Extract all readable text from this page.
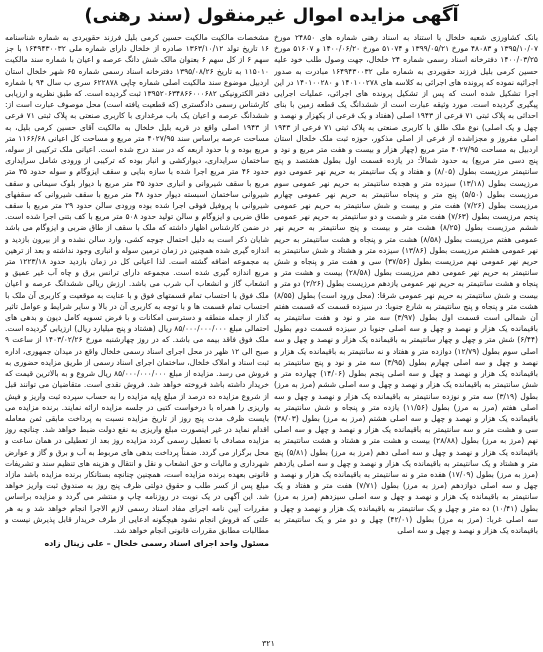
آگهی مزایده اموال غیرمنقول (سند رهنی)

بانک کشاورزی شعبه خلخال با استناد به اسناد رهنی شماره های ۲۴۸۵۰ مورخ ۱۳۹۵/۱۰/۰۷ و ۴۸۰۸۳ مورخ ۱۳۹۹/۰۵/۲۱ و ۵۱۰۷۴ مورخ ۱۴۰۰/۰۶/۲۰ و ۵۱۶۰۷ مورخ ۱۴۰۰/۰۳/۲۵ دفترخانه اسناد رسمی شماره ۲۴ خلخال، جهت وصول طلب خود علیه حسین کرمی بلیل فرزند حقویردی به شماره ملی ۱۶۴۹۴۳۰۰۳۲ مبادرت به صدور اجرائیه نموده که پرونده های اجرائی به کلاسه های ۱۴۰۱۰۰۲۷۸ و ۱۴۰۱۰۰۲۸۰ در این اجرا تشکیل شده است که پس از تشکیل پرونده های اجرائی، عملیات اجرایی پیگیری گردیده است. مورد وثیقه عبارت است از ششدانگ یک قطعه زمین با بنای احداثی به پلاک ثبتی ۷۱ فرعی از ۱۹۴۳ اصلی (هفتاد و یک فرعی از یکهزار و نهصد و چهل و یک اصلی) نوع ملک طلق با کاربری صنعتی به پلاک ثبتی ۷۱ فرعی از ۱۹۴۳ اصلی مفروز و مجزاشده از فرعی از اصلی مذکور، حوزه ثبت ملک خلخال استان اردبیل به مساحت ۴۰۲۷/۹۵ متر مربع (چهار هزار و بیست و هفت متر مربع و نود و پنج دسی متر مربع) به حدود شمالاً: در یازده قسمت اول بطول هشتصد و پنج سانتیمتر مرزیست بطول (۸/۰۵) و هفتاد و یک سانتیمتر به حریم نهر عمومی دوم مرزیست بطول (۱۳/۱۸) سیزده متر و هجده سانتیمتر به حریم نهر عمومی سوم مرزیست بطول (۵/۵۰) پنج متر و پنجاه سانتیمتر به حریم نهر عمومی چهارم مرزیست بطول (۷/۲۶) هفت متر و بیست و شش سانتیمتر به حریم نهر عمومی پنجم مرزیست بطول (۷/۶۳) هفت متر و شصت و دو سانتیمتر به حریم نهر عمومی ششم مرزیست بطول (۸/۲۵) هشت متر و بیست و پنج سانتیمتر به حریم نهر عمومی هفتم مرزیست بطول (۸/۵۸) هشت متر و پنجاه و هشت سانتیمتر به حریم نهر عمومی هشتم مرزیست بطول (۱۳/۸۶) سیزده متر و هشتاد و شش سانتیمتر به حریم نهر عمومی نهم مرزیست بطول (۳۷/۵۶) سی و هفت متر و پنجاه و شش سانتیمتر به حریم نهر عمومی دهم مرزیست بطول (۲۸/۵۸) بیست و هشت متر و پنجاه و هشت سانتیمتر به حریم نهر عمومی یازدهم مرزیست بطول (۲/۲۶) دو متر و بیست و شش سانتیمتر به حریم نهر عمومی شرقا: (محل ورود است) بطول (۸/۵۵) هشت متر و پنجاه و پنج سانتیمتر به شارع جنوبا: در سیزده قسمت که قسمت هفتم آن شمالی است قسمت اول بطول (۳/۹۷) سه متر و نود و هفت سانتیمتر به باقیمانده یک هزار و نهصد و چهل و سه اصلی جنوبا در سیزده قسمت دوم بطول (۶/۴۴) شش متر و چهل و چهار سانتیمتر به باقیمانده یک هزار و نهصد و چهل و سه اصلی سوم بطول (۱۲/۷۹) دوازده متر و هفتاد و نه سانتیمتر به باقیمانده یک هزار و نهصد و چهل و سه اصلی چهارم بطول (۳/۹۵) سه متر و نود و پنج سانتیمتر به باقیمانده یک هزار و نهصد و چهل و سه اصلی پنجم بطول (۱۴/۰۶) چهارده متر و شش سانتیمتر به باقیمانده یک هزار و نهصد و چهل و سه اصلی ششم (مرز به مرز) بطول (۳/۱۹) سه متر و نوزده سانتیمتر به باقیمانده یک هزار و نهصد و چهل و سه اصلی هفتم (مرز به مرز) بطول (۱۱/۵۶) یازده متر و پنجاه و شش سانتیمتر به باقیمانده یک هزار و نهصد و چهل و سه اصلی هشتم (مرز به مرز) بطول (۳۸/۰۳) سی و هشت متر و سه سانتیمتر به باقیمانده یک هزار و نهصد و چهل و سه اصلی نهم (مرز به مرز) بطول (۲۸/۸۸) بیست و هشت متر و هشتاد و هشت سانتیمتر به باقیمانده یک هزار و نهصد و چهل و سه اصلی دهم (مرز به مرز) بطول (۵/۸۱) پنج متر و هشتاد و یک سانتیمتر به باقیمانده یک هزار و نهصد و چهل و سه اصلی یازدهم (مرز به مرز) بطول (۱۷/۰۹) هفده متر و نه سانتیمتر به باقیمانده یک هزار و نهصد و چهل و سه اصلی دوازدهم (مرز به مرز) بطول (۷/۷۱) هفت متر و هفتاد و یک سانتیمتر به باقیمانده یک هزار و نهصد و چهل و سه اصلی سیزدهم (مرز به مرز) بطول (۱۰/۴۱) ده متر و چهل و یک سانتیمتر به باقیمانده یک هزار و نهصد و چهل و سه اصلی غربا: (مرز به مرز) بطول (۴۲/۰۱) چهل و دو متر و یک سانتیمتر به باقیمانده یک هزار و نهصد و چهل و سه اصلی

مشخصات مالکیت مالکیت حسین کرمی بلیل فرزند حقویردی به شماره شناسنامه ۱۶ تاریخ تولد ۱۳۶۳/۱۰/۱۲ صادره از خلخال دارای شماره ملی ۱۶۴۹۴۳۰۰۳۲ با جز سهم ۶ از کل سهم ۶ بعنوان مالک شش دانگ عرصه و اعیان با شماره سند مالکیت ۱۱۵۰۱۰ به تاریخ ۱۳۹۵/۰۸/۲۶ دفترخانه اسناد رسمی شماره ۶۵ شهر خلخال استان اردبیل موضوع سند مالکیت اصلی شماره چاپی ۶۲۲۸۷۸ سری ب سال ۹۴ با شماره دفتر الکترونیکی ۱۳۹۵۲۰۶۳۴۸۶۶۰۰۰۶۸۲ ثبت گردیده است. که طبق نظریه و ارزیابی کارشناس رسمی دادگستری (که قطعیت یافته است) محل موصوف عبارت است از: ششدانگ عرصه و اعیان یک باب مرغداری با کاربری صنعتی به پلاک ثبتی ۷۱ فرعی از ۱۹۴۳ اصلی واقع در قریه بلیل خلخال به مالکیت آقای حسین کرمی بلیل، به مساحت عرصه براساس سند ۴۰۲۷/۹۵ متر مربع و مساحت کل اعیانی ۱۱۶۶/۶۸ متر مربع بوده و با حدود اربعه که در سند درج شده است. اعیانی ملک ترکیبی از سوله، ساختمان سرایداری، دیوارکشی و انبار بوده که ترکیبی از ورودی شامل سرایداری حدود ۴۶ متر مربع اجرا شده با سازه بنایی و سقف ایزوگام و سوله حدود ۳۵ متر مربع با سقف شیروانی و انباری حدود ۳۵ متر مربع با دیوار بلوک سیمانی و سقف شیروانی ساختمان اسبسته دیوار حدود ۴۸ متر مربع با سقف شیروانی که سقفهای شیروانی با پروفیل فوقی اجرا شده بوده ورودی سالن حدود ۲۹ متر مربع با سقف طاق ضربی و ایزوگام و سالن تولید حدود ۵۰۸ متر مربع با کف بتنی اجرا شده است. در ضمن کارشناس اظهار داشته که ملک با سقف از طاق ضربی و ایزوگام می باشد شایان ذکر است به دلیل احتمال جوجه کشی، وارد سالن نشده و از بیرون بازدید و اندازه گیری شده همچنین در زمان ترمین سوله و انباری وجود نداشته و بعد از ترهین به مجموعه اضافه گشته است. لذا اعیانی کل در زمان بازدید حدود ۱۲۲۳/۱۸ متر مربع اندازه گیری شده است. مجموعه دارای ترانس برق و چاه آب غیر عمیق و انشعاب گاز و انشعاب آب شرب می باشد. ارزش ریالی ششدانگ عرصه و اعیان ملک فوق با احتساب تمام قسمتهای فوق و با عنایت به موقعیت و کاربری آن ملک با احتساب تمام قسمت ها و با توجه به کاربری آن در بالا و سایر شرایط و عوامل تاثیر گذار از جمله منطقه و دسترسی امکانات و با فرض تسویه کامل دیون و بدهی های احتمالی مبلغ ۸۵/۰۰۰/۰۰۰/۰۰۰ ریال (هشتاد و پنج میلیارد ریال) ارزیابی گردیده است. ملک فوق فاقد بیمه می باشد. که در روز چهارشنبه مورخ ۱۴۰۳/۰۲/۲۶ از ساعت ۹ صبح الی ۱۲ ظهر در محل اجرای اسناد رسمی خلخال واقع در میدان جمهوری، اداره ثبت اسناد و املاک خلخال، ساختمان اجرای اسناد رسمی از طریق مزایده حضوری به فروش می رسد. مزایده از مبلغ ۸۵/۰۰۰/۰۰۰/۰۰۰ ریال شروع و به بالاترین قیمت که خریدار داشته باشد فروخته خواهد شد. فروش نقدی است. متقاضیان می توانند قبل از شروع مزایده ده درصد از مبلغ پایه مزایده را به حساب سپرده ثبت واریز و فیش واریزی را همراه با درخواست کتبی در جلسه مزایده ارائه نمایند. برنده مزایده می بایست ظرف مدت پنج روز از تاریخ مزایده نسبت به پرداخت مابقی ثمن معامله اقدام نماید در غیر اینصورت مبلغ واریزی به نفع دولت ضبط خواهد شد. چنانچه روز مزایده مصادف با تعطیل رسمی گردد مزایده روز بعد از تعطیلی در همان ساعت و محل برگزار می گردد. ضمناً پرداخت بدهی های مربوط به آب و برق و گاز و عوارض شهرداری و مالیات و حق انشعاب و نقل و انتقال و هزینه های تنظیم سند و تشریفات قانونی بعهده برنده مزایده است، همچنین چنانچه بستانکار برنده مزایده باشد مازاد مبلغ پس از کسر طلب و حقوق دولتی ظرف پنج روز به صندوق ثبت واریز خواهد شد. این آگهی در یک نوبت در روزنامه چاپ و منتشر می گردد و مزایده براساس مقررات آیین نامه اجرای مفاد اسناد رسمی لازم الاجرا انجام خواهد شد و به هر علتی که فروش انجام نشود هیچگونه ادعایی از طرف خریدار قابل پذیرش نیست و مطالبات مطابق مقررات قانونی انجام خواهد شد.

مسئول واحد اجرای اسناد رسمی خلخال – علی زینال زاده
۳۲۱
